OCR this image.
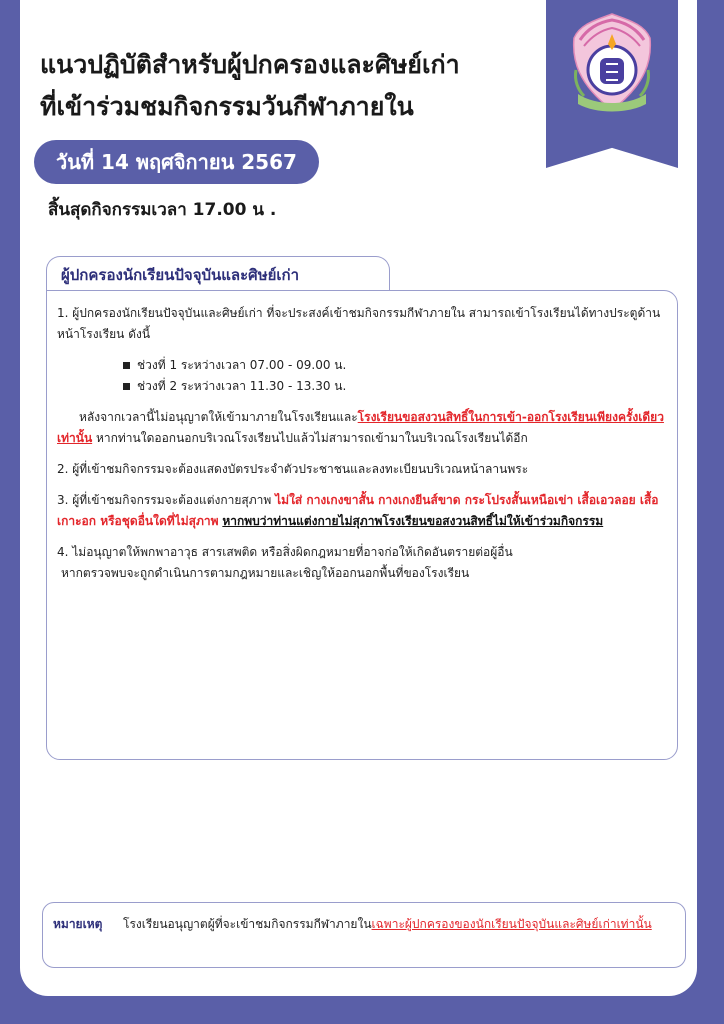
แนวปฏิบัติสำหรับผู้ปกครองและศิษย์เก่า
ที่เข้าร่วมชมกิจกรรมวันกีฬาภายใน
วันที่ 14 พฤศจิกายน 2567
สิ้นสุดกิจกรรมเวลา 17.00 น .
ผู้ปกครองนักเรียนปัจจุบันและศิษย์เก่า

1. ผู้ปกครองนักเรียนปัจจุบันและศิษย์เก่า ที่จะประสงค์เข้าชมกิจกรรมกีฬาภายใน สามารถเข้าโรงเรียนได้ทางประตูด้านหน้าโรงเรียน ดังนี้

ช่วงที่ 1 ระหว่างเวลา 07.00 - 09.00 น.
ช่วงที่ 2 ระหว่างเวลา 11.30 - 13.30 น.

หลังจากเวลานี้ไม่อนุญาตให้เข้ามาภายในโรงเรียนและโรงเรียนขอสงวนสิทธิ์ในการเข้า-ออกโรงเรียนเพียงครั้งเดียวเท่านั้น หากท่านใดออกนอกบริเวณโรงเรียนไปแล้วไม่สามารถเข้ามาในบริเวณโรงเรียนได้อีก

2. ผู้ที่เข้าชมกิจกรรมจะต้องแสดงบัตรประจำตัวประชาชนและลงทะเบียนบริเวณหน้าลานพระ

3. ผู้ที่เข้าชมกิจกรรมจะต้องแต่งกายสุภาพ ไม่ใส่ กางเกงขาสั้น กางเกงยีนส์ขาด กระโปรงสั้นเหนือเข่า เสื้อเอวลอย เสื้อเกาะอก หรือชุดอื่นใดที่ไม่สุภาพ หากพบว่าท่านแต่งกายไม่สุภาพโรงเรียนขอสงวนสิทธิ์ไม่ให้เข้าร่วมกิจกรรม

4. ไม่อนุญาตให้พกพาอาวุธ สารเสพติด หรือสิ่งผิดกฎหมายที่อาจก่อให้เกิดอันตรายต่อผู้อื่น
หากตรวจพบจะถูกดำเนินการตามกฎหมายและเชิญให้ออกนอกพื้นที่ของโรงเรียน

หมายเหตุ โรงเรียนอนุญาตผู้ที่จะเข้าชมกิจกรรมกีฬาภายในเฉพาะผู้ปกครองของนักเรียนปัจจุบันและศิษย์เก่าเท่านั้น
